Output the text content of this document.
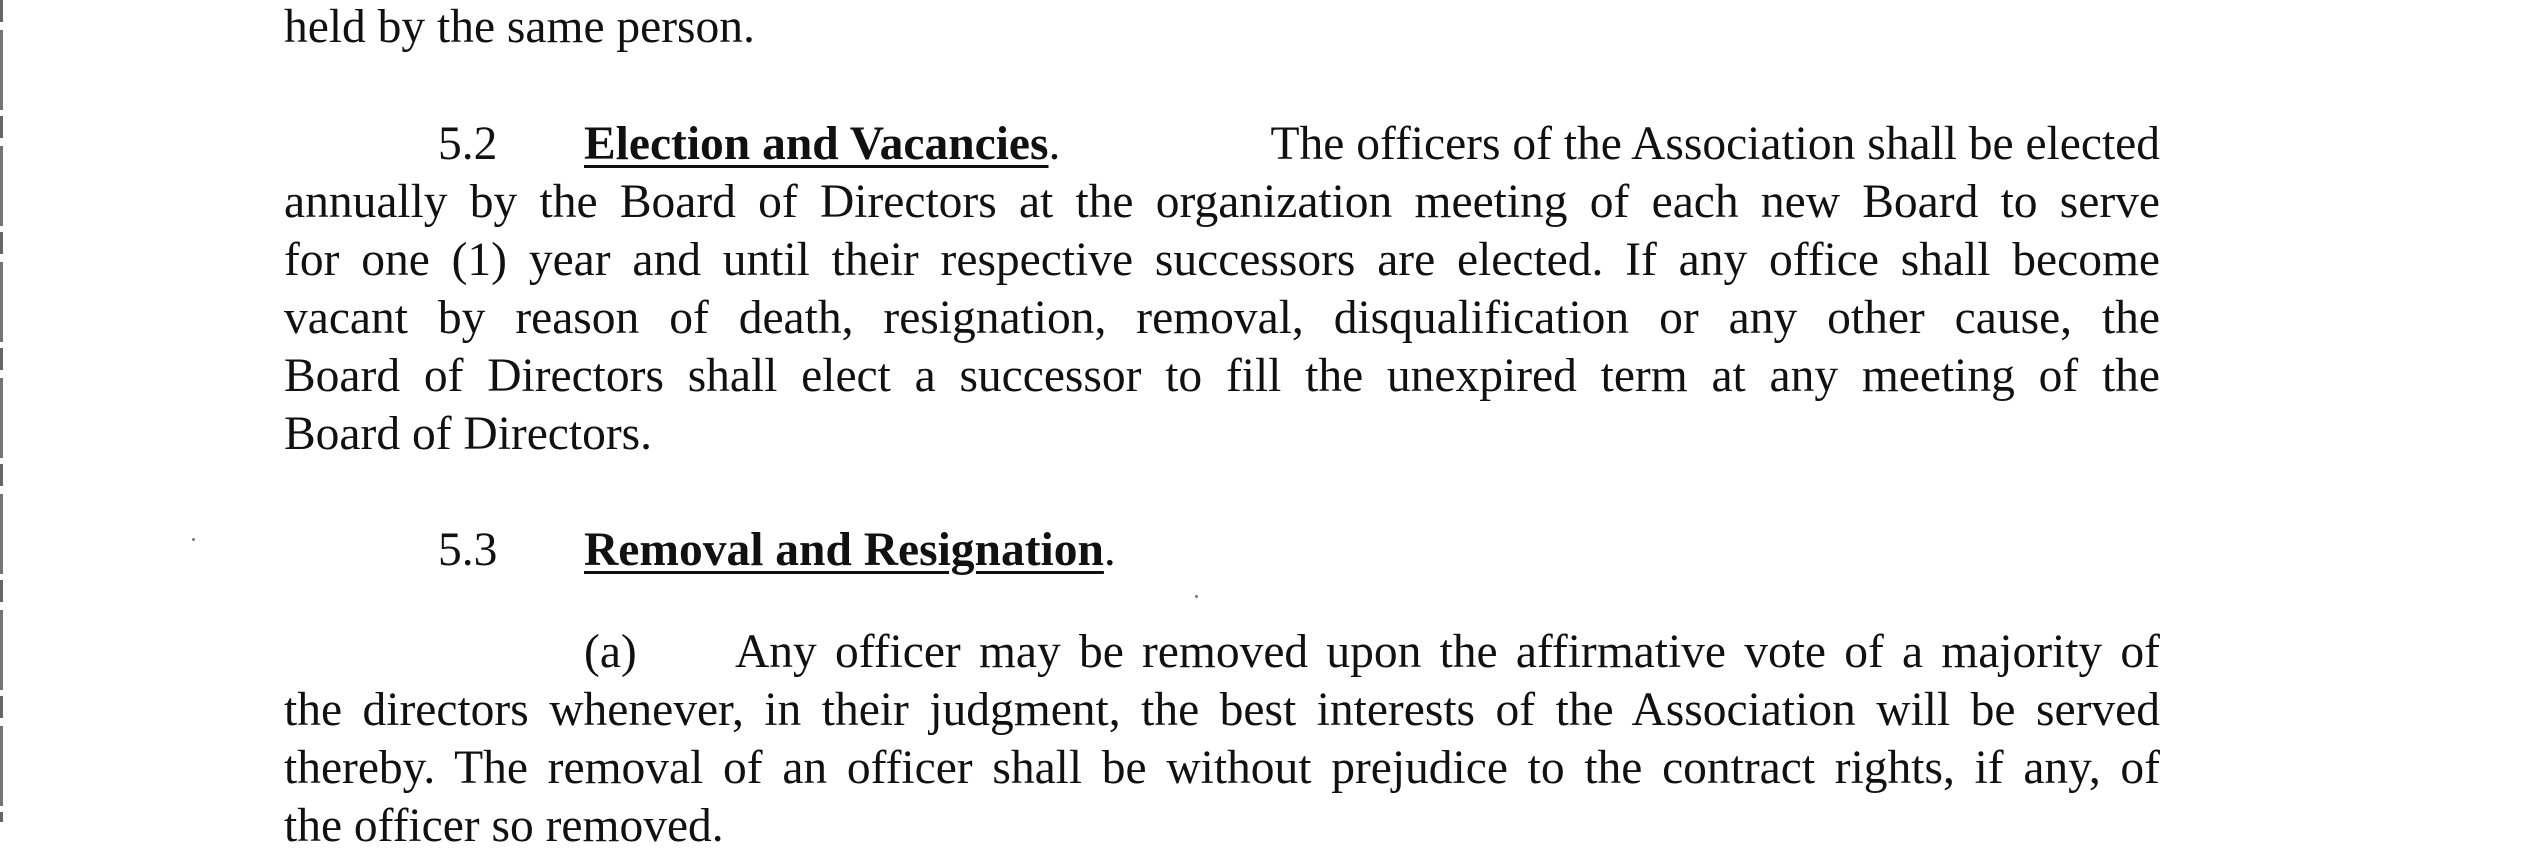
held by the same person.
5.2 Election and Vacancies.	The officers of the Association shall be elected
annually by the Board of Directors at the organization meeting of each new Board to serve
for one (1) year and until their respective successors are elected. If any office shall become
vacant by reason of death, resignation, removal, disqualification or any other cause, the
Board of Directors shall elect a successor to fill the unexpired term at any meeting of the
Board of Directors.
5.3 Removal and Resignation.
(a) Any officer may be removed upon the affirmative vote of a majority of
the directors whenever, in their judgment, the best interests of the Association will be served
thereby. The removal of an officer shall be without prejudice to the contract rights, if any, of
the officer so removed.
